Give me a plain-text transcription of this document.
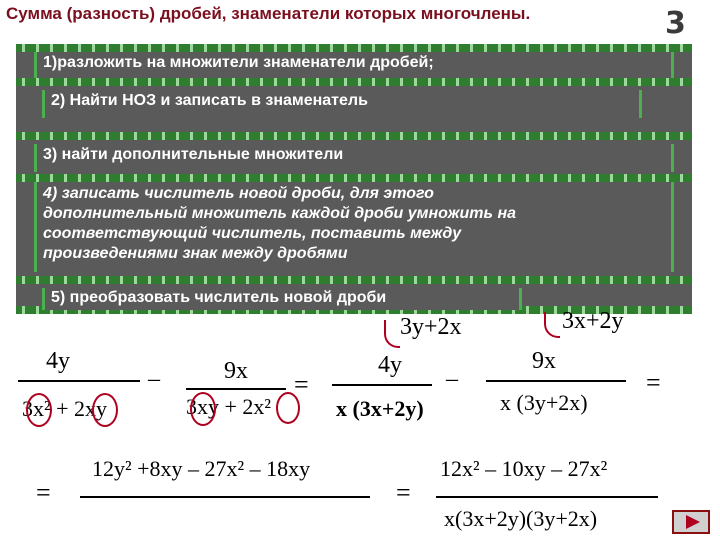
Сумма (разность) дробей, знаменатели которых многочлены.	3
1)разложить на множители знаменатели дробей;
2) Найти НОЗ и записать в знаменатель
3) найти дополнительные множители
4) записать числитель новой дроби, для этого
дополнительный множитель каждой дроби умножить на
соответствующий числитель, поставить между
произведениями знак между дробями
5) преобразовать числитель новой дроби
4y
3x² + 2xy
–	9x
3xy + 2x²
=
3y+2x
4y
x (3x+2y)
–
3x+2y
9x
x (3y+2x)
=
=
12y² +8xy – 27x² – 18xy
=
12x² – 10xy – 27x²
x(3x+2y)(3y+2x)
